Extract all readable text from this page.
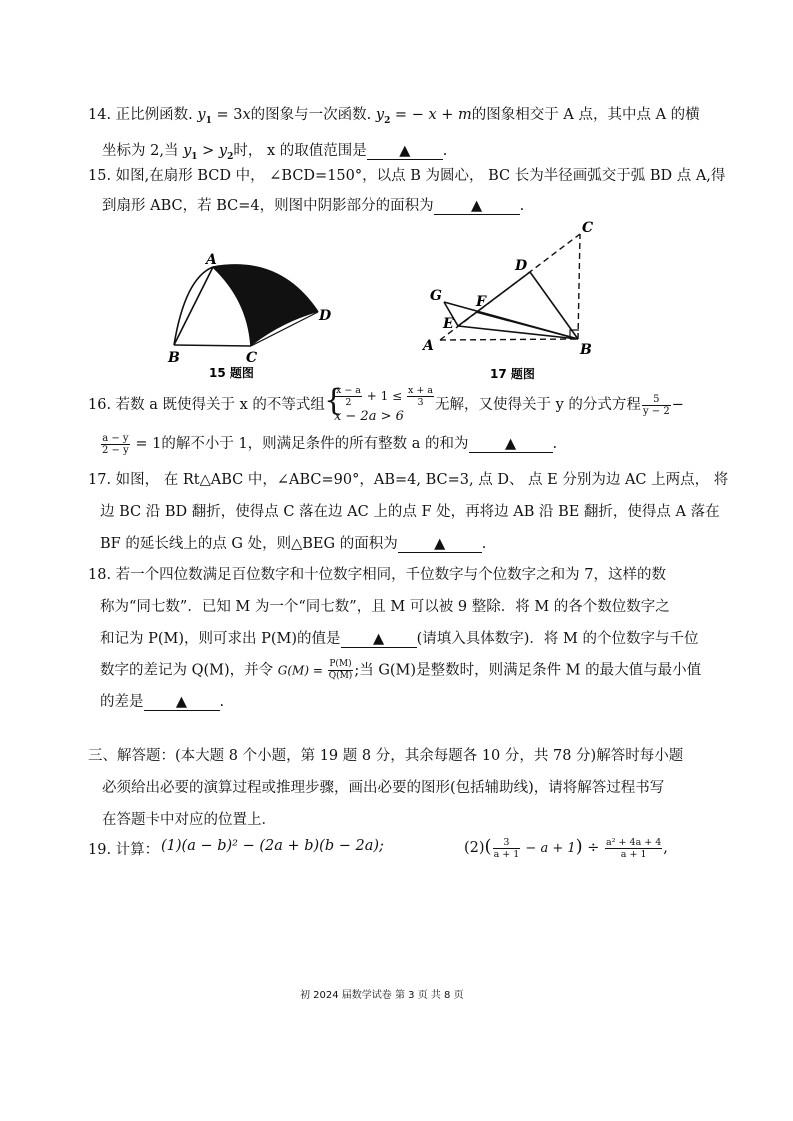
14. 正比例函数. $y_1 = 3x$的图象与一次函数. $y_2$ = − x + m的图象相交于 A 点，其中点 A 的横
坐标为 2,当 $y_1 > y_2$时， x 的取值范围是 ▲ .
15. 如图,在扇形 BCD 中， ∠BCD=150°，以点 B 为圆心， BC 长为半径画弧交于弧 BD 点 A,得
到扇形 ABC，若 BC=4，则图中阴影部分的面积为	▲	.
A
B	C
D
15 题图
A	B
C
D
E
F
G
17 题图
16. 若数 a 既使得关于 x 的不等式组
{ $\frac{x - a}{2} + 1 \le \frac{x + a}{3}$
x − 2a > 6
无解，又使得关于 y 的分式方程 $\frac{5}{y - 2}$ −
$\frac{a - y}{2 - y} = 1$的解不小于 1，则满足条件的所有整数 a 的和为	▲	.
17. 如图， 在 Rt△ABC 中，∠ABC=90°，AB=4, BC=3, 点 D、 点 E 分别为边 AC 上两点， 将
边 BC 沿 BD 翻折，使得点 C 落在边 AC 上的点 F 处，再将边 AB 沿 BE 翻折，使得点 A 落在
BF 的延长线上的点 G 处，则△BEG 的面积为	▲	.
18. 若一个四位数满足百位数字和十位数字相同，千位数字与个位数字之和为 7，这样的数
称为“同七数”．已知 M 为一个“同七数”，且 M 可以被 9 整除．将 M 的各个数位数字之
和记为 P(M)，则可求出 P(M)的值是 ▲ (请填入具体数字)．将 M 的个位数字与千位
数字的差记为 Q(M)，并令 $G(M) = \frac{P(M)}{Q(M)}$ ;当 G(M)是整数时，则满足条件 M 的最大值与最小值
的差是 ▲ .
三、解答题：(本大题 8 个小题，第 19 题 8 分，其余每题各 10 分，共 78 分)解答时每小题
必须给出必要的演算过程或推理步骤，画出必要的图形(包括辅助线)，请将解答过程书写
在答题卡中对应的位置上．
19. 计算： (1)(a − b)² − (2a + b)(b − 2a);	$(2)( \frac{3}{a + 1} - a + 1) \div \frac{\text{a² + 4a + 4}}{a + 1}$ ,
初 2024 届数学试卷 第 3 页 共 8 页
